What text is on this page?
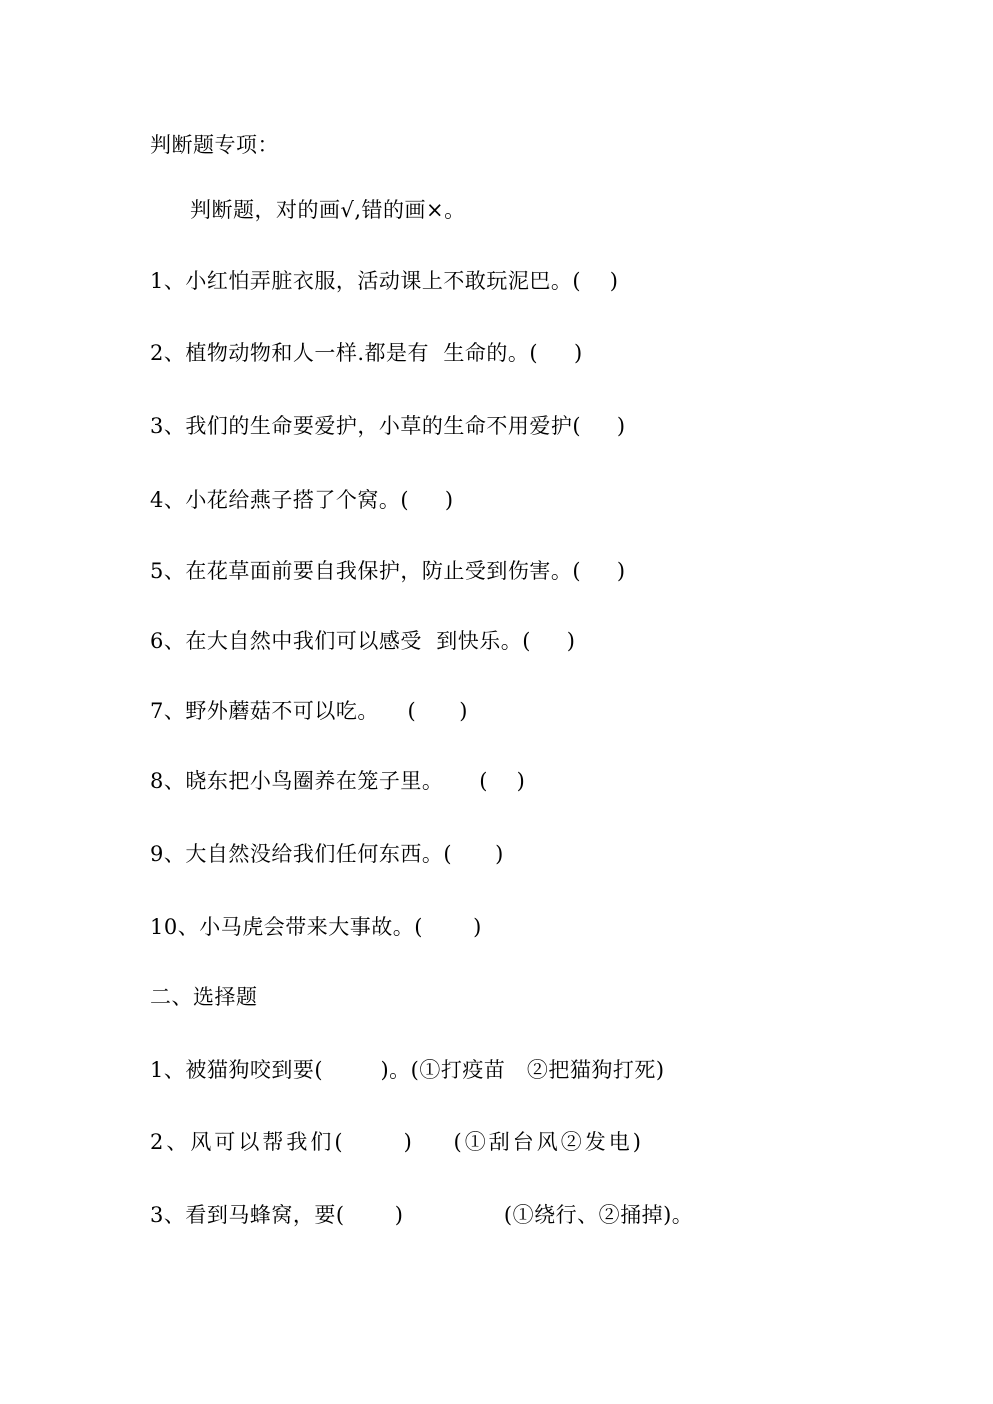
判断题专项：
判断题，对的画√,错的画×。
1、小红怕弄脏衣服，活动课上不敢玩泥巴。(    )
2、植物动物和人一样.都是有  生命的。(     )
3、我们的生命要爱护，小草的生命不用爱护(     )
4、小花给燕子搭了个窝。(     )
5、在花草面前要自我保护，防止受到伤害。(     )
6、在大自然中我们可以感受  到快乐。(     )
7、野外蘑菇不可以吃。    (      )
8、晓东把小鸟圈养在笼子里。     (    )
9、大自然没给我们任何东西。(      )
10、小马虎会带来大事故。(       )
二、选择题
1、被猫狗咬到要(        )。(①打疫苗   ②把猫狗打死)
2、风可以帮我们(      )    (①刮台风②发电)
3、看到马蜂窝，要(       )              (①绕行、②捅掉)。
